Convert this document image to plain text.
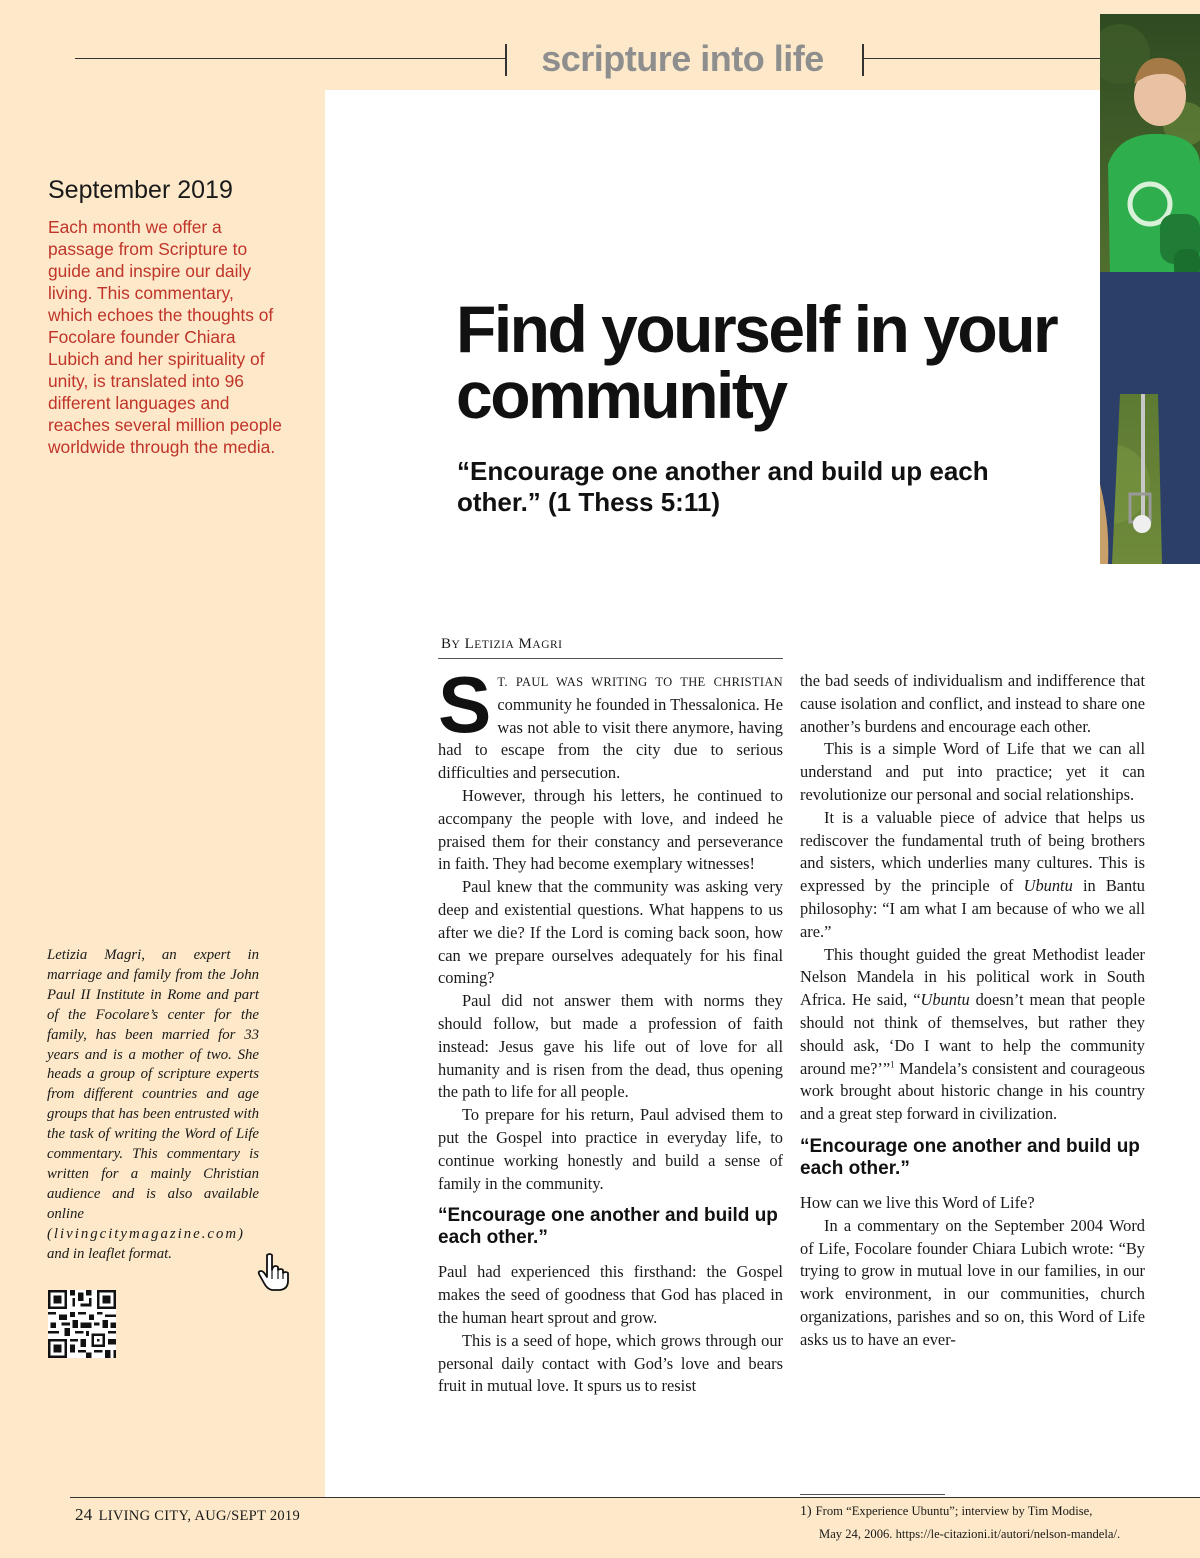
scripture into life
September 2019
Each month we offer a passage from Scripture to guide and inspire our daily living. This commentary, which echoes the thoughts of Focolare founder Chiara Lubich and her spirituality of unity, is translated into 96 different languages and reaches several million people worldwide through the media.
Letizia Magri, an expert in marriage and family from the John Paul II Institute in Rome and part of the Focolare’s center for the family, has been married for 33 years and is a mother of two. She heads a group of scripture experts from different countries and age groups that has been entrusted with the task of writing the Word of Life commentary. This commentary is written for a mainly Christian audience and is also available online (livingcitymagazine.com) and in leaflet format.
Find yourself in your community
“Encourage one another and build up each other.” (1 Thess 5:11)
BY LETIZIA MAGRI

S T. PAUL WAS WRITING TO THE CHRISTIAN community he founded in Thessalonica. He was not able to visit there anymore, having had to escape from the city due to serious difficulties and persecution.

However, through his letters, he continued to accompany the people with love, and indeed he praised them for their constancy and perseverance in faith. They had become exemplary witnesses!

Paul knew that the community was asking very deep and existential questions. What happens to us after we die? If the Lord is coming back soon, how can we prepare ourselves adequately for his final coming?

Paul did not answer them with norms they should follow, but made a profession of faith instead: Jesus gave his life out of love for all humanity and is risen from the dead, thus opening the path to life for all people.

To prepare for his return, Paul advised them to put the Gospel into practice in everyday life, to continue working honestly and build a sense of family in the community.

“Encourage one another and build up each other.”

Paul had experienced this firsthand: the Gospel makes the seed of goodness that God has placed in the human heart sprout and grow.

This is a seed of hope, which grows through our personal daily contact with God’s love and bears fruit in mutual love. It spurs us to resist

the bad seeds of individualism and indifference that cause isolation and conflict, and instead to share one another’s burdens and encourage each other.

This is a simple Word of Life that we can all understand and put into practice; yet it can revolutionize our personal and social relationships.

It is a valuable piece of advice that helps us rediscover the fundamental truth of being brothers and sisters, which underlies many cultures. This is expressed by the principle of Ubuntu in Bantu philosophy: “I am what I am because of who we all are.”

This thought guided the great Methodist leader Nelson Mandela in his political work in South Africa. He said, “Ubuntu doesn’t mean that people should not think of themselves, but rather they should ask, ‘Do I want to help the community around me?’”$^1$ Mandela’s consistent and courageous work brought about historic change in his country and a great step forward in civilization.

“Encourage one another and build up each other.”

How can we live this Word of Life?

In a commentary on the September 2004 Word of Life, Focolare founder Chiara Lubich wrote: “By trying to grow in mutual love in our families, in our work environment, in our communities, church organizations, parishes and so on, this Word of Life asks us to have an ever-

1) From “Experience Ubuntu”; interview by Tim Modise,
May 24, 2006. https://le-citazioni.it/autori/nelson-mandela/.
24 LIVING CITY, AUG/SEPT 2019
